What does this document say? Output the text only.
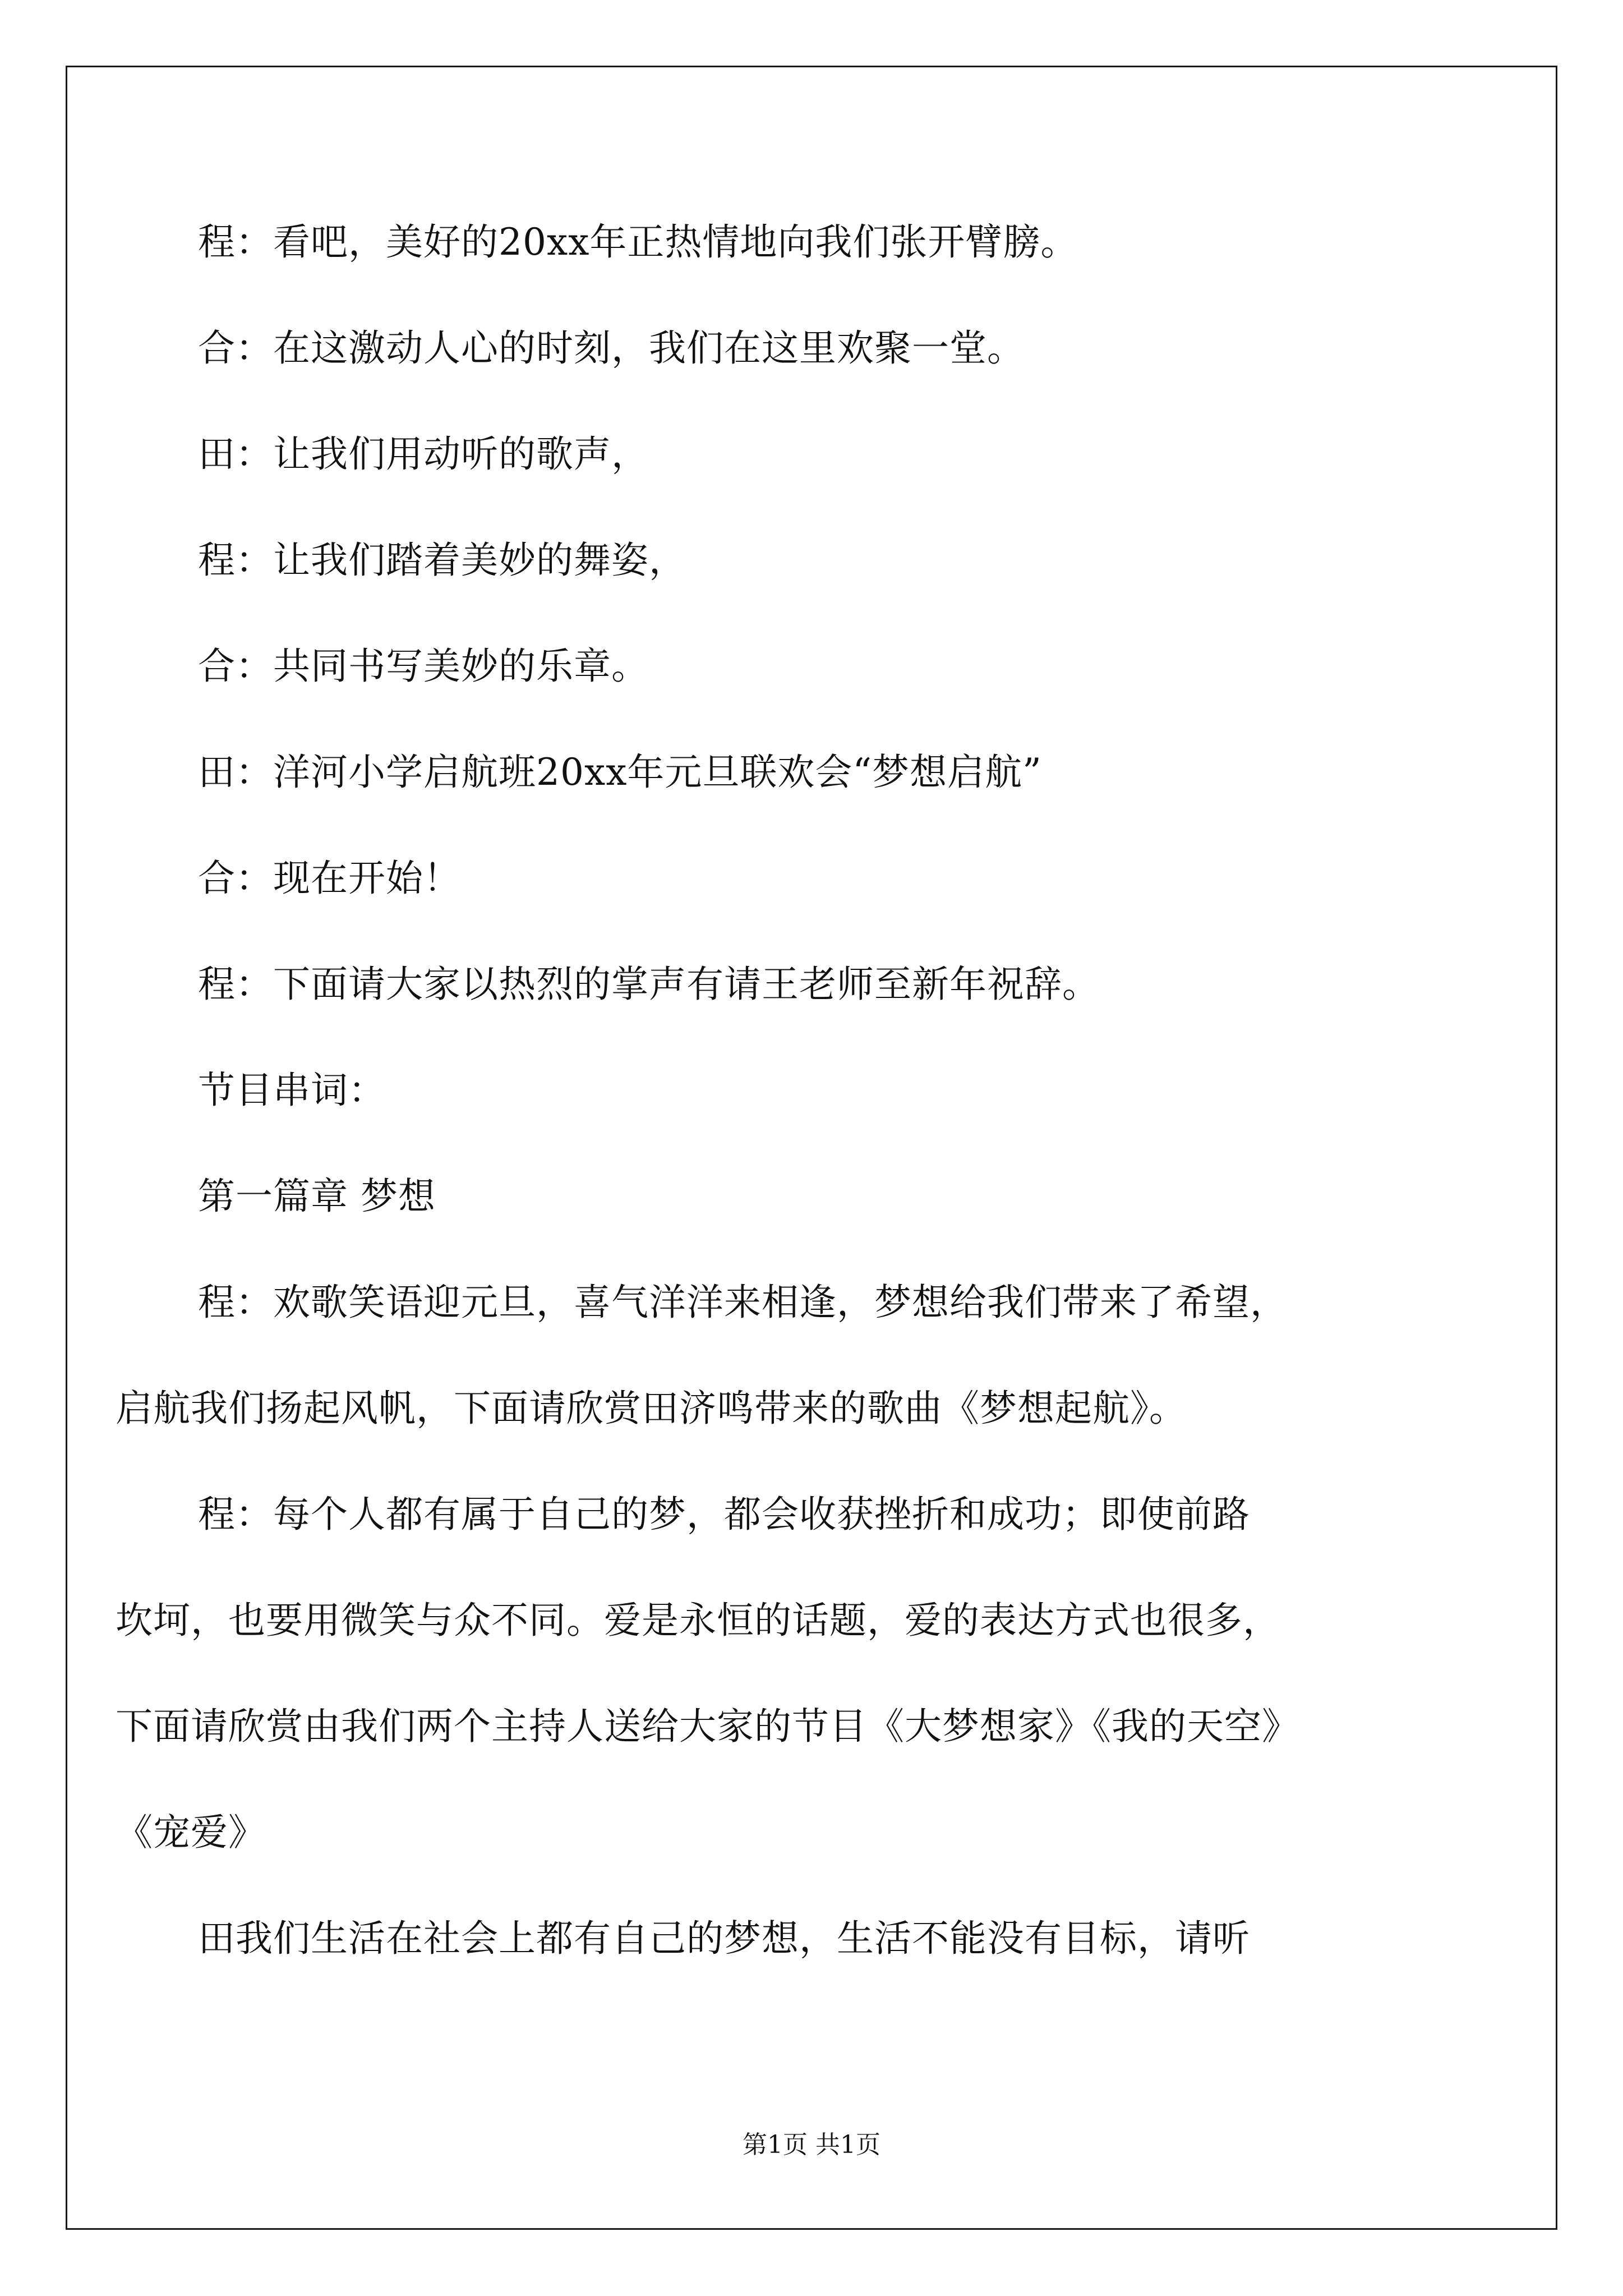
程：看吧，美好的20xx年正热情地向我们张开臂膀。
合：在这激动人心的时刻，我们在这里欢聚一堂。
田：让我们用动听的歌声，
程：让我们踏着美妙的舞姿，
合：共同书写美妙的乐章。
田：洋河小学启航班20xx年元旦联欢会“梦想启航”
合：现在开始！
程：下面请大家以热烈的掌声有请王老师至新年祝辞。
节目串词：
第一篇章 梦想
程：欢歌笑语迎元旦，喜气洋洋来相逢，梦想给我们带来了希望，
启航我们扬起风帆，下面请欣赏田济鸣带来的歌曲《梦想起航》。
程：每个人都有属于自己的梦，都会收获挫折和成功；即使前路
坎坷，也要用微笑与众不同。爱是永恒的话题，爱的表达方式也很多，
下面请欣赏由我们两个主持人送给大家的节目《大梦想家》《我的天空》
《宠爱》
田我们生活在社会上都有自己的梦想，生活不能没有目标，请听
第1页 共1页
